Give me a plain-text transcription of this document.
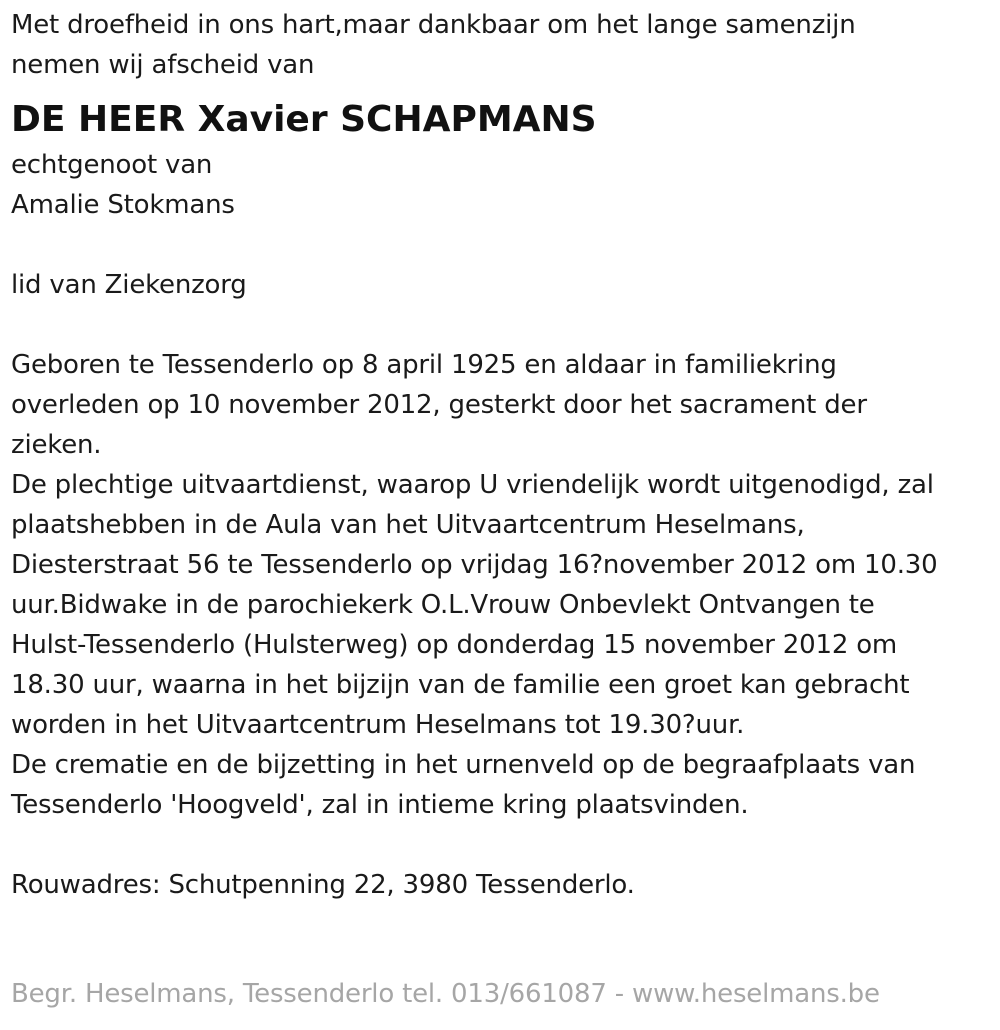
Met droefheid in ons hart,maar dankbaar om het lange samenzijn
nemen wij afscheid van
DE HEER Xavier SCHAPMANS
echtgenoot van
Amalie Stokmans
lid van Ziekenzorg
Geboren te Tessenderlo op 8 april 1925 en aldaar in familiekring
overleden op 10 november 2012, gesterkt door het sacrament der
zieken.
De plechtige uitvaartdienst, waarop U vriendelijk wordt uitgenodigd, zal
plaatshebben in de Aula van het Uitvaartcentrum Heselmans,
Diesterstraat 56 te Tessenderlo op vrijdag 16?november 2012 om 10.30
uur.Bidwake in de parochiekerk O.L.Vrouw Onbevlekt Ontvangen te
Hulst-Tessenderlo (Hulsterweg) op donderdag 15 november 2012 om
18.30 uur, waarna in het bijzijn van de familie een groet kan gebracht
worden in het Uitvaartcentrum Heselmans tot 19.30?uur.
De crematie en de bijzetting in het urnenveld op de begraafplaats van
Tessenderlo 'Hoogveld', zal in intieme kring plaatsvinden.
Rouwadres: Schutpenning 22, 3980 Tessenderlo.
Begr. Heselmans, Tessenderlo tel. 013/661087 - www.heselmans.be
